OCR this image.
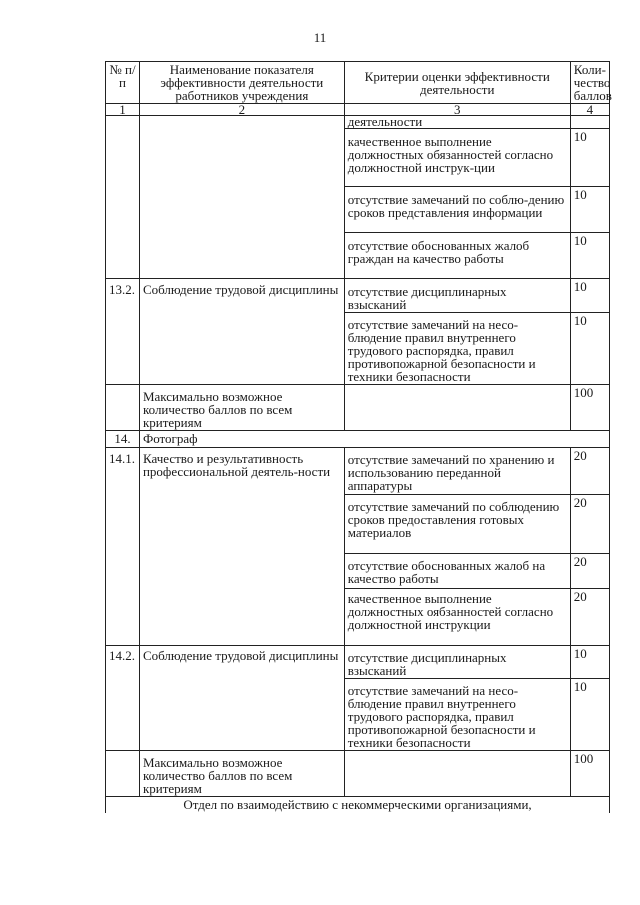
11
№ п/п	Наименование показателя эффективности деятельности работников учреждения	Критерии оценки эффективности деятельности	Коли-чество баллов
1	2	3	4
		деятельности	
		качественное выполнение должностных обязанностей согласно должностной инструк-ции	10
		отсутствие замечаний по соблю-дению сроков представления информации	10
		отсутствие обоснованных жалоб граждан на качество работы	10
13.2.	Соблюдение трудовой дисциплины	отсутствие дисциплинарных взысканий	10
		отсутствие замечаний на несо-блюдение правил внутреннего трудового распорядка, правил противопожарной безопасности и техники безопасности	10
	Максимально возможное количество баллов по всем критериям		100
14.	Фотограф		
14.1.	Качество и результативность профессиональной деятель-ности	отсутствие замечаний по хранению и использованию переданной аппаратуры	20
		отсутствие замечаний по соблюдению сроков предоставления готовых материалов	20
		отсутствие обоснованных жалоб на качество работы	20
		качественное выполнение должностных оябзанностей согласно должностной инструкции	20
14.2.	Соблюдение трудовой дисциплины	отсутствие дисциплинарных взысканий	10
		отсутствие замечаний на несо-блюдение правил внутреннего трудового распорядка, правил противопожарной безопасности и техники безопасности	10
	Максимально возможное количество баллов по всем критериям		100
Отдел по взаимодействию с некоммерческими организациями,			
